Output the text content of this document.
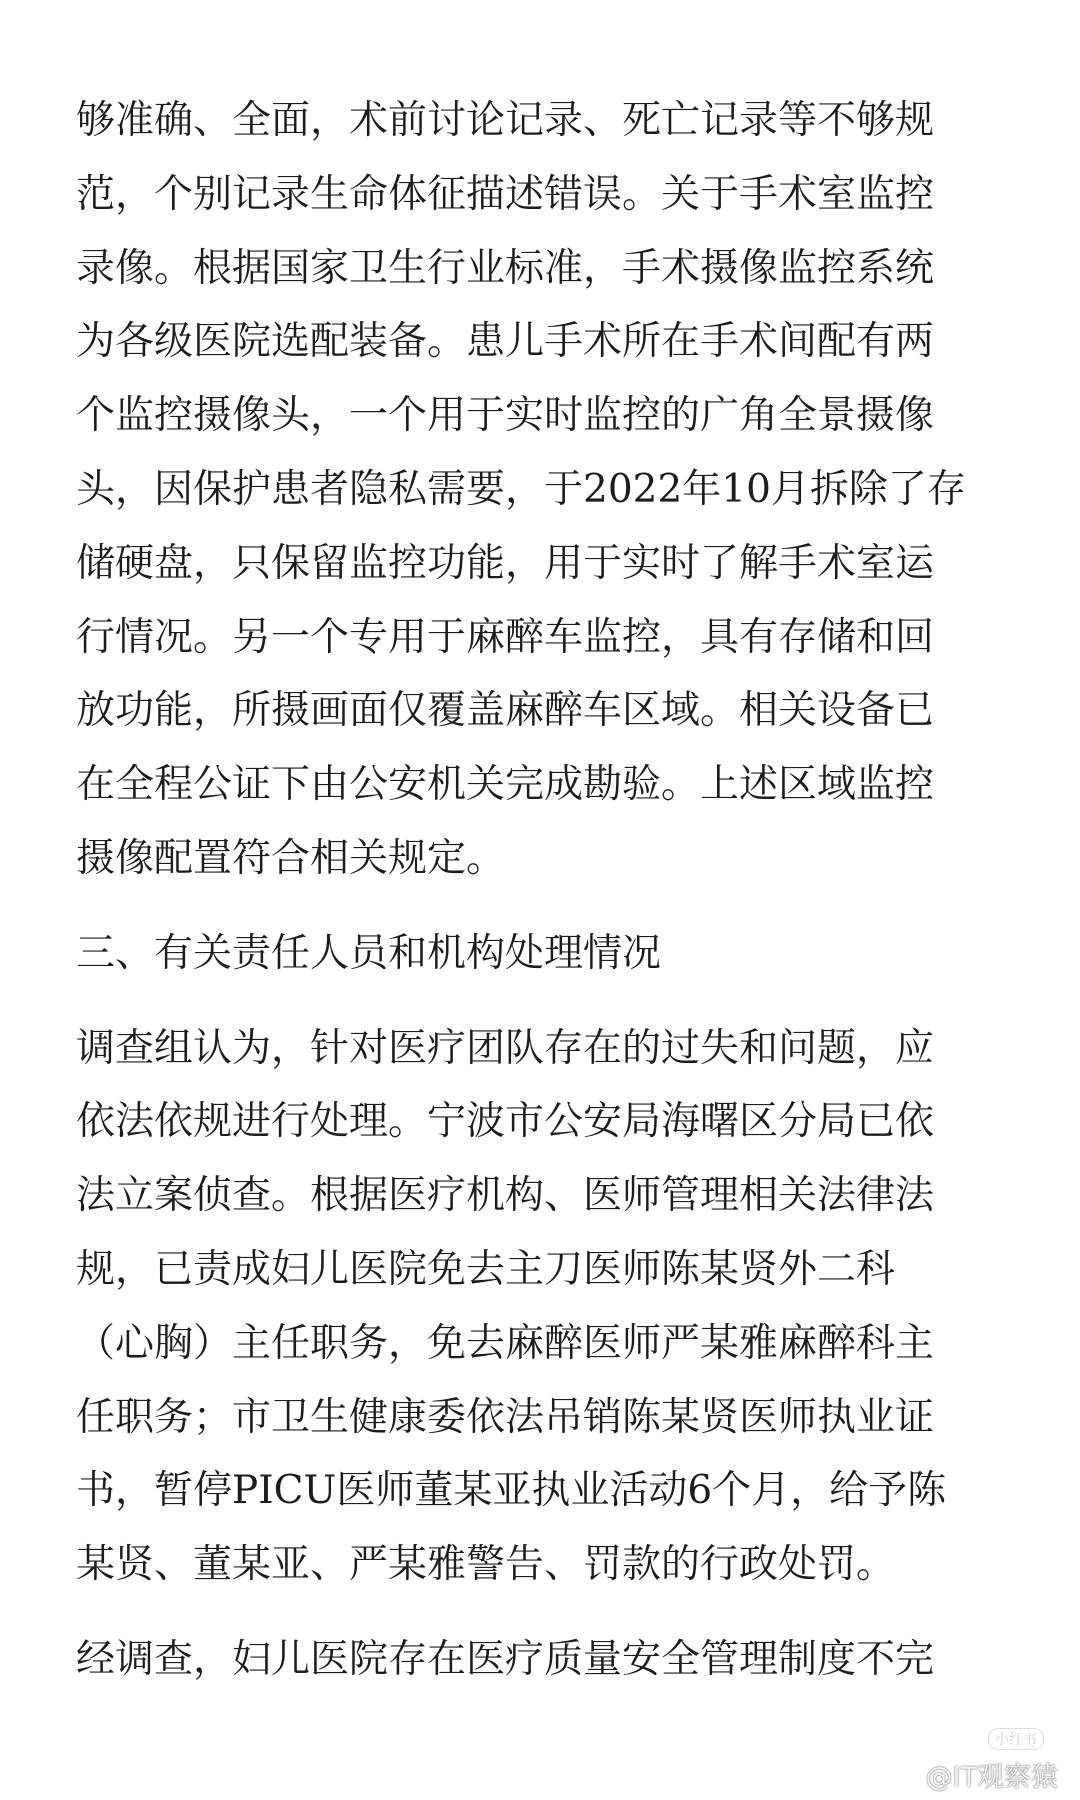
够准确、全面，术前讨论记录、死亡记录等不够规
范，个别记录生命体征描述错误。关于手术室监控
录像。根据国家卫生行业标准，手术摄像监控系统
为各级医院选配装备。患儿手术所在手术间配有两
个监控摄像头，一个用于实时监控的广角全景摄像
头，因保护患者隐私需要，于2022年10月拆除了存
储硬盘，只保留监控功能，用于实时了解手术室运
行情况。另一个专用于麻醉车监控，具有存储和回
放功能，所摄画面仅覆盖麻醉车区域。相关设备已
在全程公证下由公安机关完成勘验。上述区域监控
摄像配置符合相关规定。
三、有关责任人员和机构处理情况
调查组认为，针对医疗团队存在的过失和问题，应
依法依规进行处理。宁波市公安局海曙区分局已依
法立案侦查。根据医疗机构、医师管理相关法律法
规，已责成妇儿医院免去主刀医师陈某贤外二科
（心胸）主任职务，免去麻醉医师严某雅麻醉科主
任职务；市卫生健康委依法吊销陈某贤医师执业证
书，暂停PICU医师董某亚执业活动6个月，给予陈
某贤、董某亚、严某雅警告、罚款的行政处罚。
经调查，妇儿医院存在医疗质量安全管理制度不完
小红书
@IT观察猿
